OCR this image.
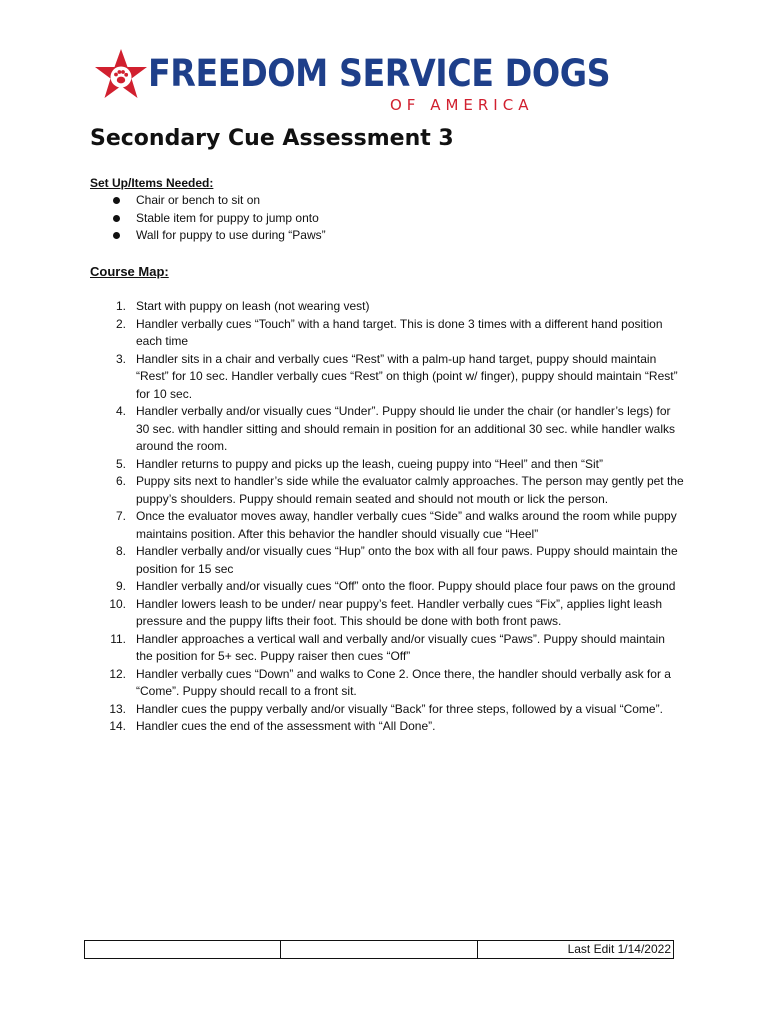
FREEDOM SERVICE DOGS
OF AMERICA
Secondary Cue Assessment 3
Set Up/Items Needed:
Chair or bench to sit on
Stable item for puppy to jump onto
Wall for puppy to use during “Paws”
Course Map:
1. Start with puppy on leash (not wearing vest)
2. Handler verbally cues “Touch” with a hand target. This is done 3 times with a different hand position each time
3. Handler sits in a chair and verbally cues “Rest” with a palm-up hand target, puppy should maintain “Rest” for 10 sec. Handler verbally cues “Rest” on thigh (point w/ finger), puppy should maintain “Rest” for 10 sec.
4. Handler verbally and/or visually cues “Under”. Puppy should lie under the chair (or handler’s legs) for 30 sec. with handler sitting and should remain in position for an additional 30 sec. while handler walks around the room.
5. Handler returns to puppy and picks up the leash, cueing puppy into “Heel” and then “Sit”
6. Puppy sits next to handler’s side while the evaluator calmly approaches. The person may gently pet the puppy’s shoulders. Puppy should remain seated and should not mouth or lick the person.
7. Once the evaluator moves away, handler verbally cues “Side” and walks around the room while puppy maintains position. After this behavior the handler should visually cue “Heel”
8. Handler verbally and/or visually cues “Hup” onto the box with all four paws. Puppy should maintain the position for 15 sec
9. Handler verbally and/or visually cues “Off” onto the floor. Puppy should place four paws on the ground
10. Handler lowers leash to be under/ near puppy’s feet. Handler verbally cues “Fix”, applies light leash pressure and the puppy lifts their foot. This should be done with both front paws.
11. Handler approaches a vertical wall and verbally and/or visually cues “Paws”. Puppy should maintain the position for 5+ sec. Puppy raiser then cues “Off”
12. Handler verbally cues “Down” and walks to Cone 2. Once there, the handler should verbally ask for a “Come”. Puppy should recall to a front sit.
13. Handler cues the puppy verbally and/or visually “Back” for three steps, followed by a visual “Come”.
14. Handler cues the end of the assessment with “All Done”.
		Last Edit 1/14/2022
